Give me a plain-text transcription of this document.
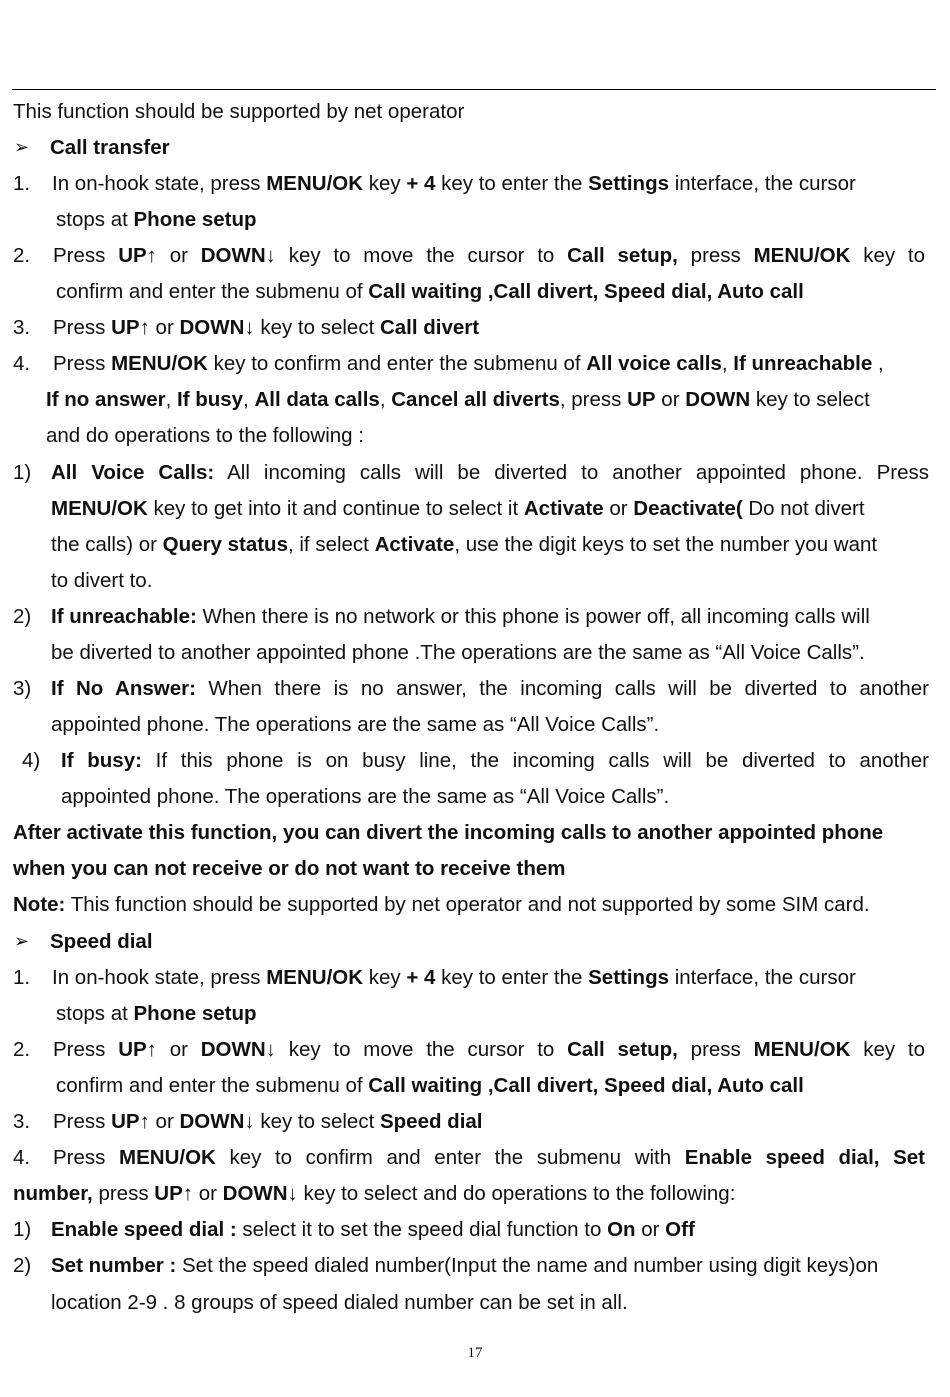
This function should be supported by net operator
➢ Call transfer
1. In on-hook state, press MENU/OK key + 4 key to enter the Settings interface, the cursor
stops at Phone setup
2. Press UP↑ or DOWN↓ key to move the cursor to Call setup, press MENU/OK key to
confirm and enter the submenu of Call waiting ,Call divert, Speed dial, Auto call
3. Press UP↑ or DOWN↓ key to select Call divert
4. Press MENU/OK key to confirm and enter the submenu of All voice calls, If unreachable ,
If no answer, If busy, All data calls, Cancel all diverts, press UP or DOWN key to select
and do operations to the following :
1) All Voice Calls: All incoming calls will be diverted to another appointed phone. Press
MENU/OK key to get into it and continue to select it Activate or Deactivate( Do not divert
the calls) or Query status, if select Activate, use the digit keys to set the number you want
to divert to.
2) If unreachable: When there is no network or this phone is power off, all incoming calls will
be diverted to another appointed phone .The operations are the same as “All Voice Calls”.
3) If No Answer: When there is no answer, the incoming calls will be diverted to another
appointed phone. The operations are the same as “All Voice Calls”.
4) If busy: If this phone is on busy line, the incoming calls will be diverted to another
appointed phone. The operations are the same as “All Voice Calls”.
After activate this function, you can divert the incoming calls to another appointed phone
when you can not receive or do not want to receive them
Note: This function should be supported by net operator and not supported by some SIM card.
➢ Speed dial
1. In on-hook state, press MENU/OK key + 4 key to enter the Settings interface, the cursor
stops at Phone setup
2. Press UP↑ or DOWN↓ key to move the cursor to Call setup, press MENU/OK key to
confirm and enter the submenu of Call waiting ,Call divert, Speed dial, Auto call
3. Press UP↑ or DOWN↓ key to select Speed dial
4. Press MENU/OK key to confirm and enter the submenu with Enable speed dial, Set
number, press UP↑ or DOWN↓ key to select and do operations to the following:
1) Enable speed dial : select it to set the speed dial function to On or Off
2) Set number : Set the speed dialed number(Input the name and number using digit keys)on
location 2-9 . 8 groups of speed dialed number can be set in all.
17
